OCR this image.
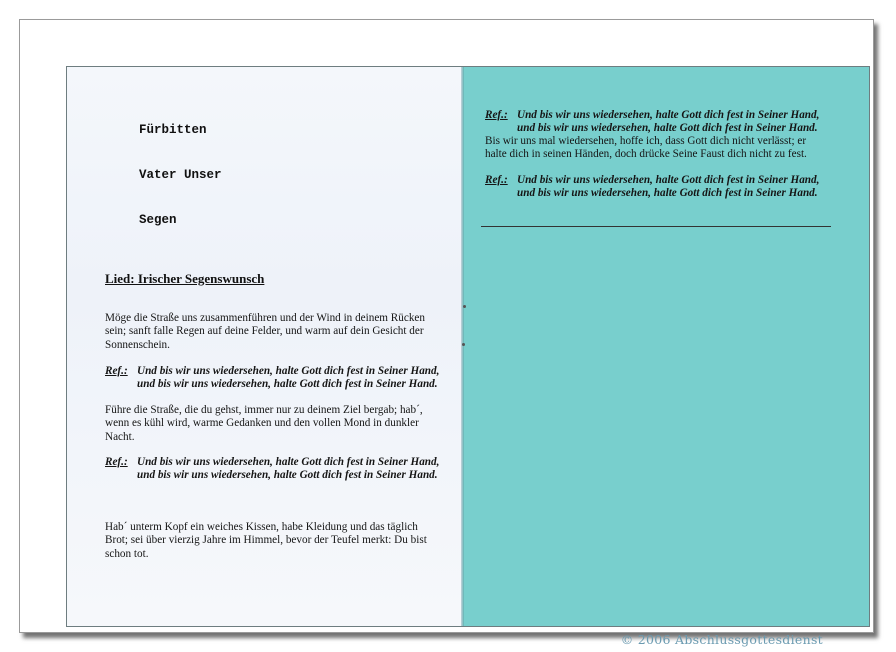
Fürbitten
Vater Unser
Segen
Lied: Irischer Segenswunsch
Möge die Straße uns zusammenführen und der Wind in deinem Rücken
sein; sanft falle Regen auf deine Felder, und warm auf dein Gesicht der
Sonnenschein.
Ref.: Und bis wir uns wiedersehen, halte Gott dich fest in Seiner Hand,
und bis wir uns wiedersehen, halte Gott dich fest in Seiner Hand.
Führe die Straße, die du gehst, immer nur zu deinem Ziel bergab; hab´,
wenn es kühl wird, warme Gedanken und den vollen Mond in dunkler
Nacht.
Ref.: Und bis wir uns wiedersehen, halte Gott dich fest in Seiner Hand,
und bis wir uns wiedersehen, halte Gott dich fest in Seiner Hand.
Hab´ unterm Kopf ein weiches Kissen, habe Kleidung und das täglich
Brot; sei über vierzig Jahre im Himmel, bevor der Teufel merkt: Du bist
schon tot.
Ref.: Und bis wir uns wiedersehen, halte Gott dich fest in Seiner Hand,
und bis wir uns wiedersehen, halte Gott dich fest in Seiner Hand.
Bis wir uns mal wiedersehen, hoffe ich, dass Gott dich nicht verlässt; er
halte dich in seinen Händen, doch drücke Seine Faust dich nicht zu fest.
Ref.: Und bis wir uns wiedersehen, halte Gott dich fest in Seiner Hand,
und bis wir uns wiedersehen, halte Gott dich fest in Seiner Hand.
© 2006 Abschlussgottesdienst
